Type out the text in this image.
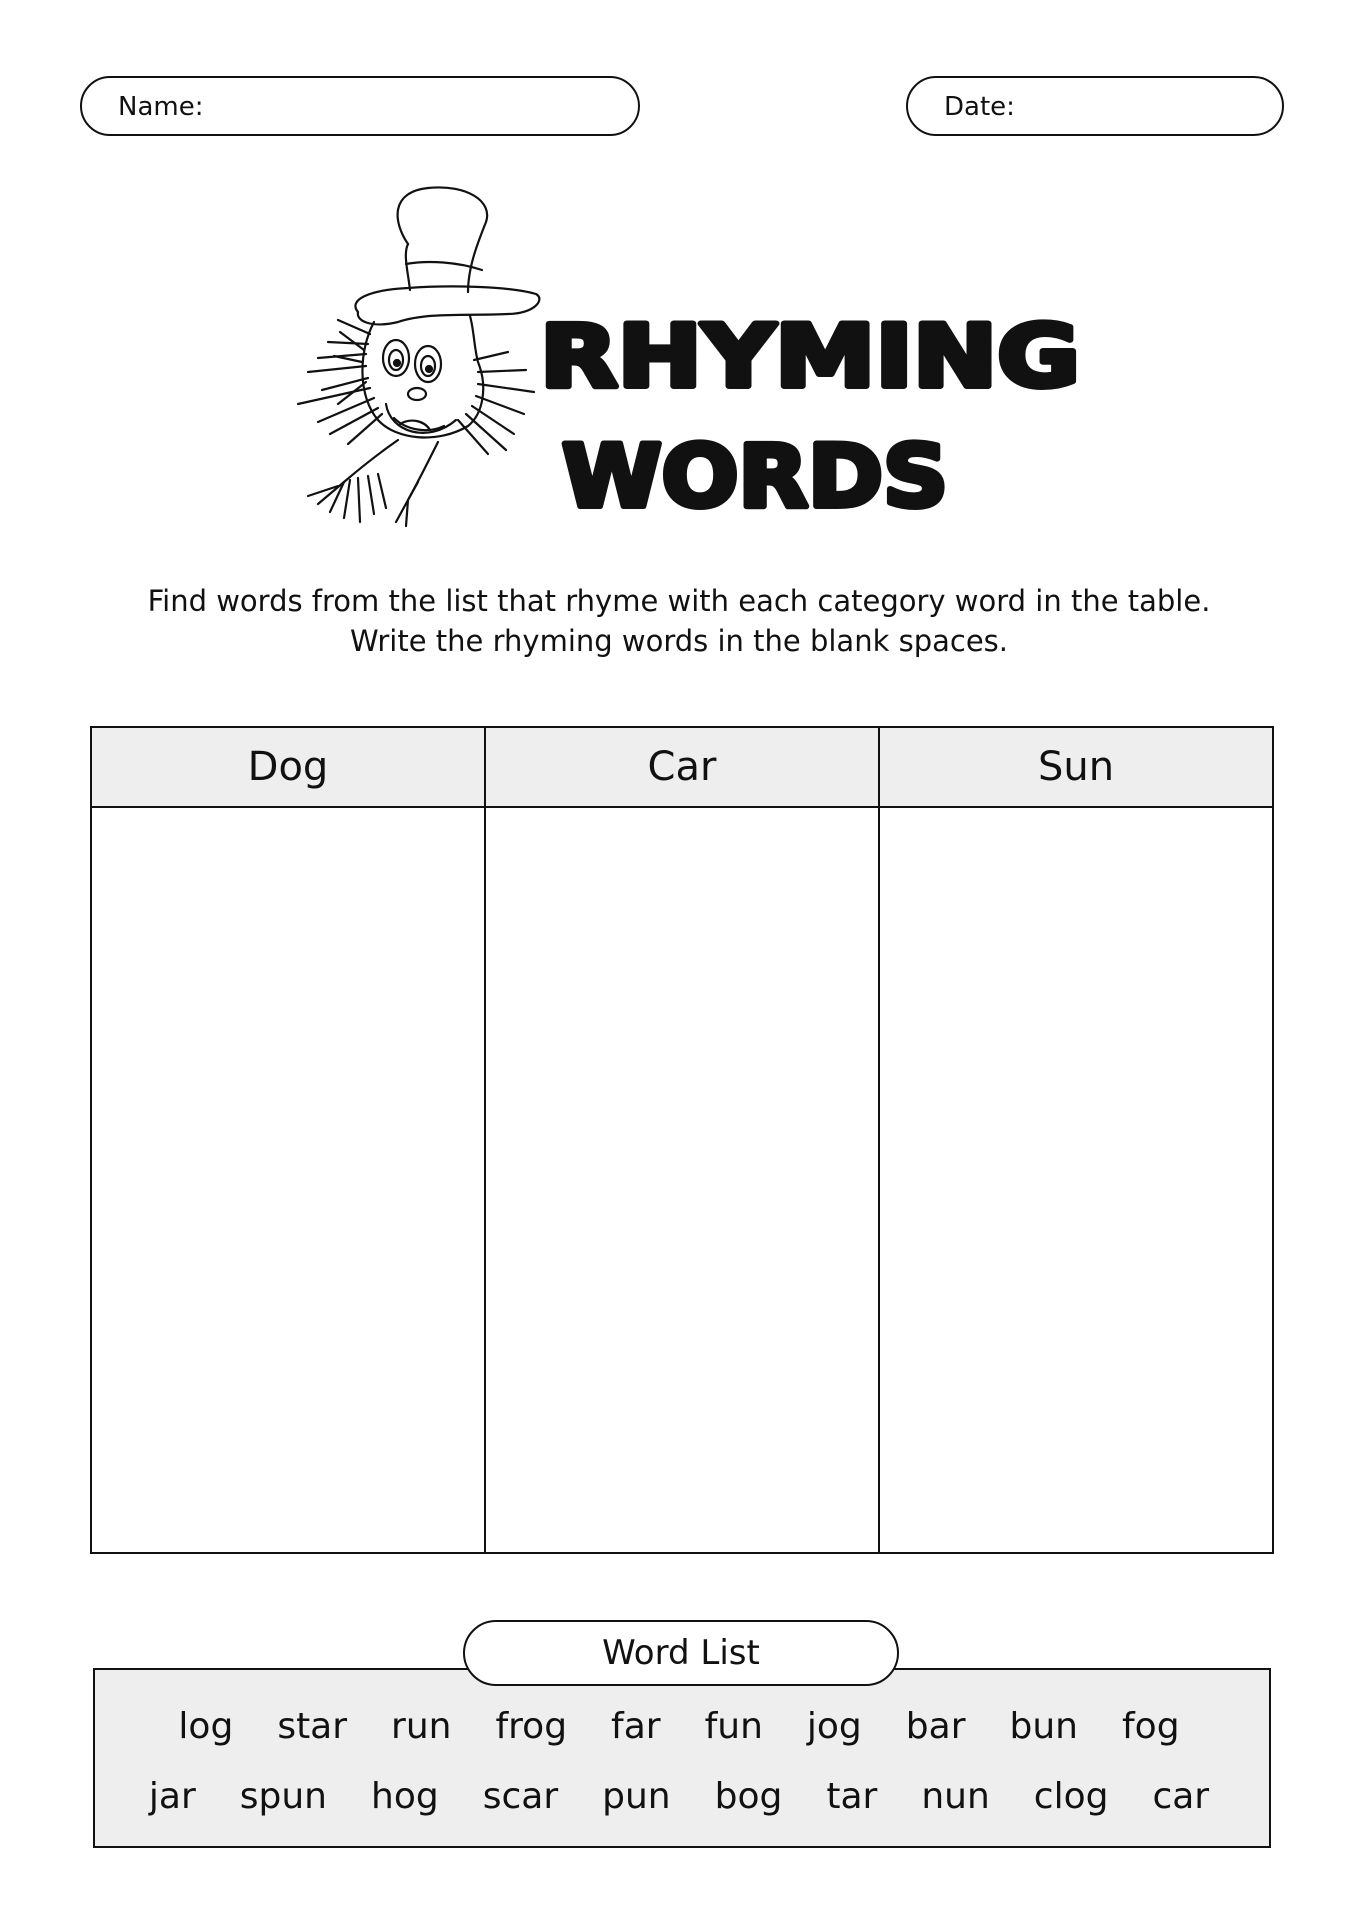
Name:	Date:
RHYMING
WORDS
Find words from the list that rhyme with each category word in the table.
Write the rhyming words in the blank spaces.
Dog	Car	Sun
Word List
log	star	run	frog	far	fun	jog	bar	bun	fog
jar	spun	hog	scar	pun	bog	tar	nun	clog	car
